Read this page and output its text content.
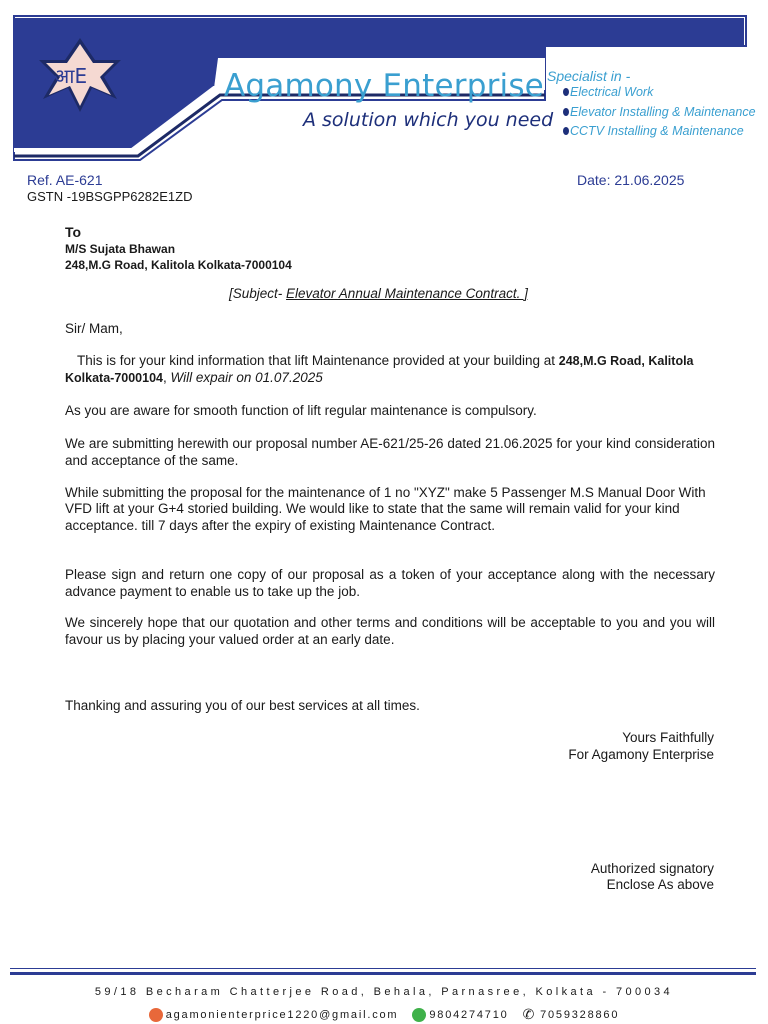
आE	Agamony Enterprise
A solution which you need
Specialist in -
Electrical Work
Elevator Installing & Maintenance
CCTV Installing & Maintenance
Ref. AE-621
GSTN -19BSGPP6282E1ZD
Date: 21.06.2025
To
M/S Sujata Bhawan
248,M.G Road, Kalitola Kolkata-7000104
[Subject- Elevator Annual Maintenance Contract. ]
Sir/ Mam,
This is for your kind information that lift Maintenance provided at your building at 248,M.G Road, Kalitola
Kolkata-7000104, Will expair on 01.07.2025
As you are aware for smooth function of lift regular maintenance is compulsory.
We are submitting herewith our proposal number AE-621/25-26 dated 21.06.2025 for your kind consideration and acceptance of the same.
While submitting the proposal for the maintenance of 1 no "XYZ" make 5 Passenger M.S Manual Door With
VFD lift at your G+4 storied building. We would like to state that the same will remain valid for your kind
acceptance. till 7 days after the expiry of existing Maintenance Contract.
Please sign and return one copy of our proposal as a token of your acceptance along with the necessary advance payment to enable us to take up the job.
We sincerely hope that our quotation and other terms and conditions will be acceptable to you and you will favour us by placing your valued order at an early date.
Thanking and assuring you of our best services at all times.
Yours Faithfully
For Agamony Enterprise
Authorized signatory
Enclose As above
59/18 Becharam Chatterjee Road, Behala, Parnasree, Kolkata - 700034
agamonienterprice1220@gmail.com	9804274710 ✆ 7059328860
